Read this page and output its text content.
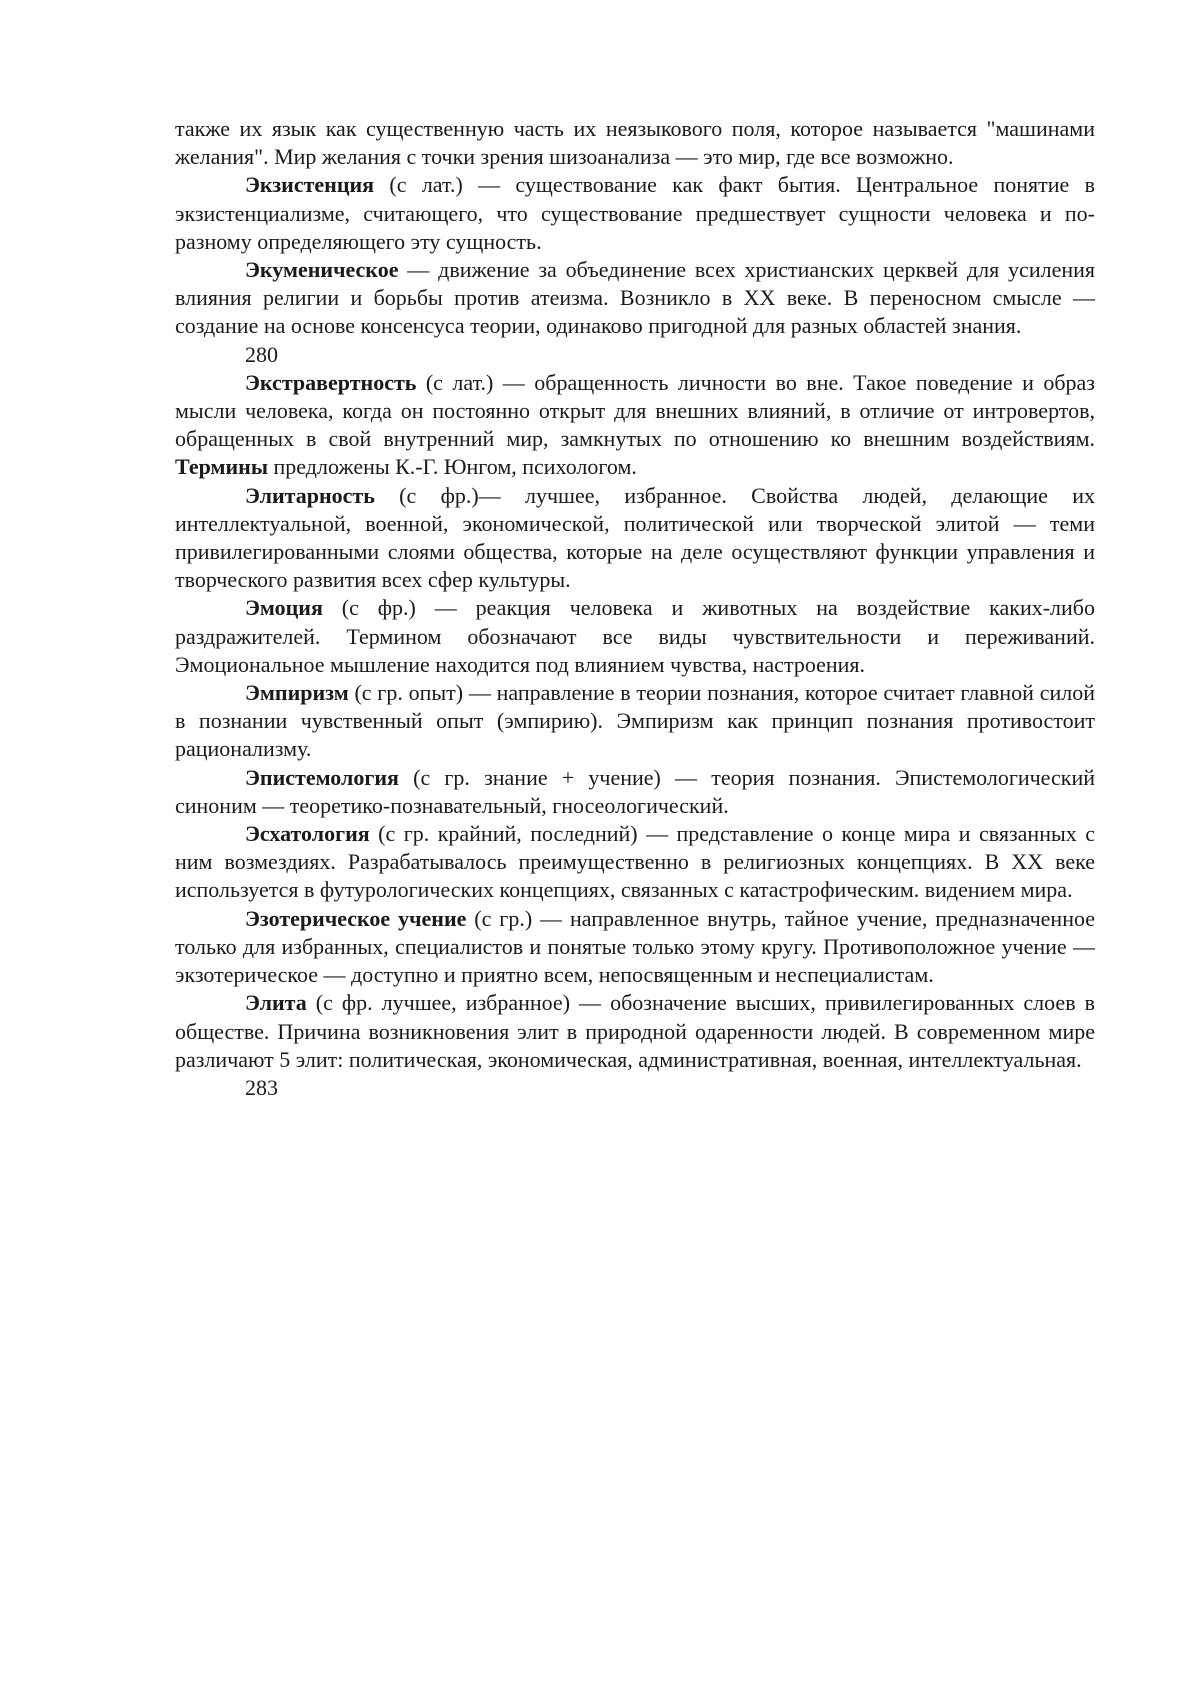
также их язык как существенную часть их неязыкового поля, которое называется "машинами желания". Мир желания с точки зрения шизоанализа — это мир, где все возможно.

Экзистенция (с лат.) — существование как факт бытия. Центральное понятие в экзистенциализме, считающего, что существование предшествует сущности человека и по-разному определяющего эту сущность.

Экуменическое — движение за объединение всех христианских церквей для усиления влияния религии и борьбы против атеизма. Возникло в XX веке. В переносном смысле — создание на основе консенсуса теории, одинаково пригодной для разных областей знания.

280

Экстравертность (с лат.) — обращенность личности во вне. Такое поведение и образ мысли человека, когда он постоянно открыт для внешних влияний, в отличие от интровертов, обращенных в свой внутренний мир, замкнутых по отношению ко внешним воздействиям. Термины предложены К.-Г. Юнгом, психологом.

Элитарность (с фр.)— лучшее, избранное. Свойства людей, делающие их интеллектуальной, военной, экономической, политической или творческой элитой — теми привилегированными слоями общества, которые на деле осуществляют функции управления и творческого развития всех сфер культуры.

Эмоция (с фр.) — реакция человека и животных на воздействие каких-либо раздражителей. Термином обозначают все виды чувствительности и переживаний. Эмоциональное мышление находится под влиянием чувства, настроения.

Эмпиризм (с гр. опыт) — направление в теории познания, которое считает главной силой в познании чувственный опыт (эмпирию). Эмпиризм как принцип познания противостоит рационализму.

Эпистемология (с гр. знание + учение) — теория познания. Эпистемологический синоним — теоретико-познавательный, гносеологический.

Эсхатология (с гр. крайний, последний) — представление о конце мира и связанных с ним возмездиях. Разрабатывалось преимущественно в религиозных концепциях. В XX веке используется в футурологических концепциях, связанных с катастрофическим. видением мира.

Эзотерическое учение (с гр.) — направленное внутрь, тайное учение, предназначенное только для избранных, специалистов и понятые только этому кругу. Противоположное учение — экзотерическое — доступно и приятно всем, непосвященным и неспециалистам.

Элита (с фр. лучшее, избранное) — обозначение высших, привилегированных слоев в обществе. Причина возникновения элит в природной одаренности людей. В современном мире различают 5 элит: политическая, экономическая, административная, военная, интеллектуальная.

283
